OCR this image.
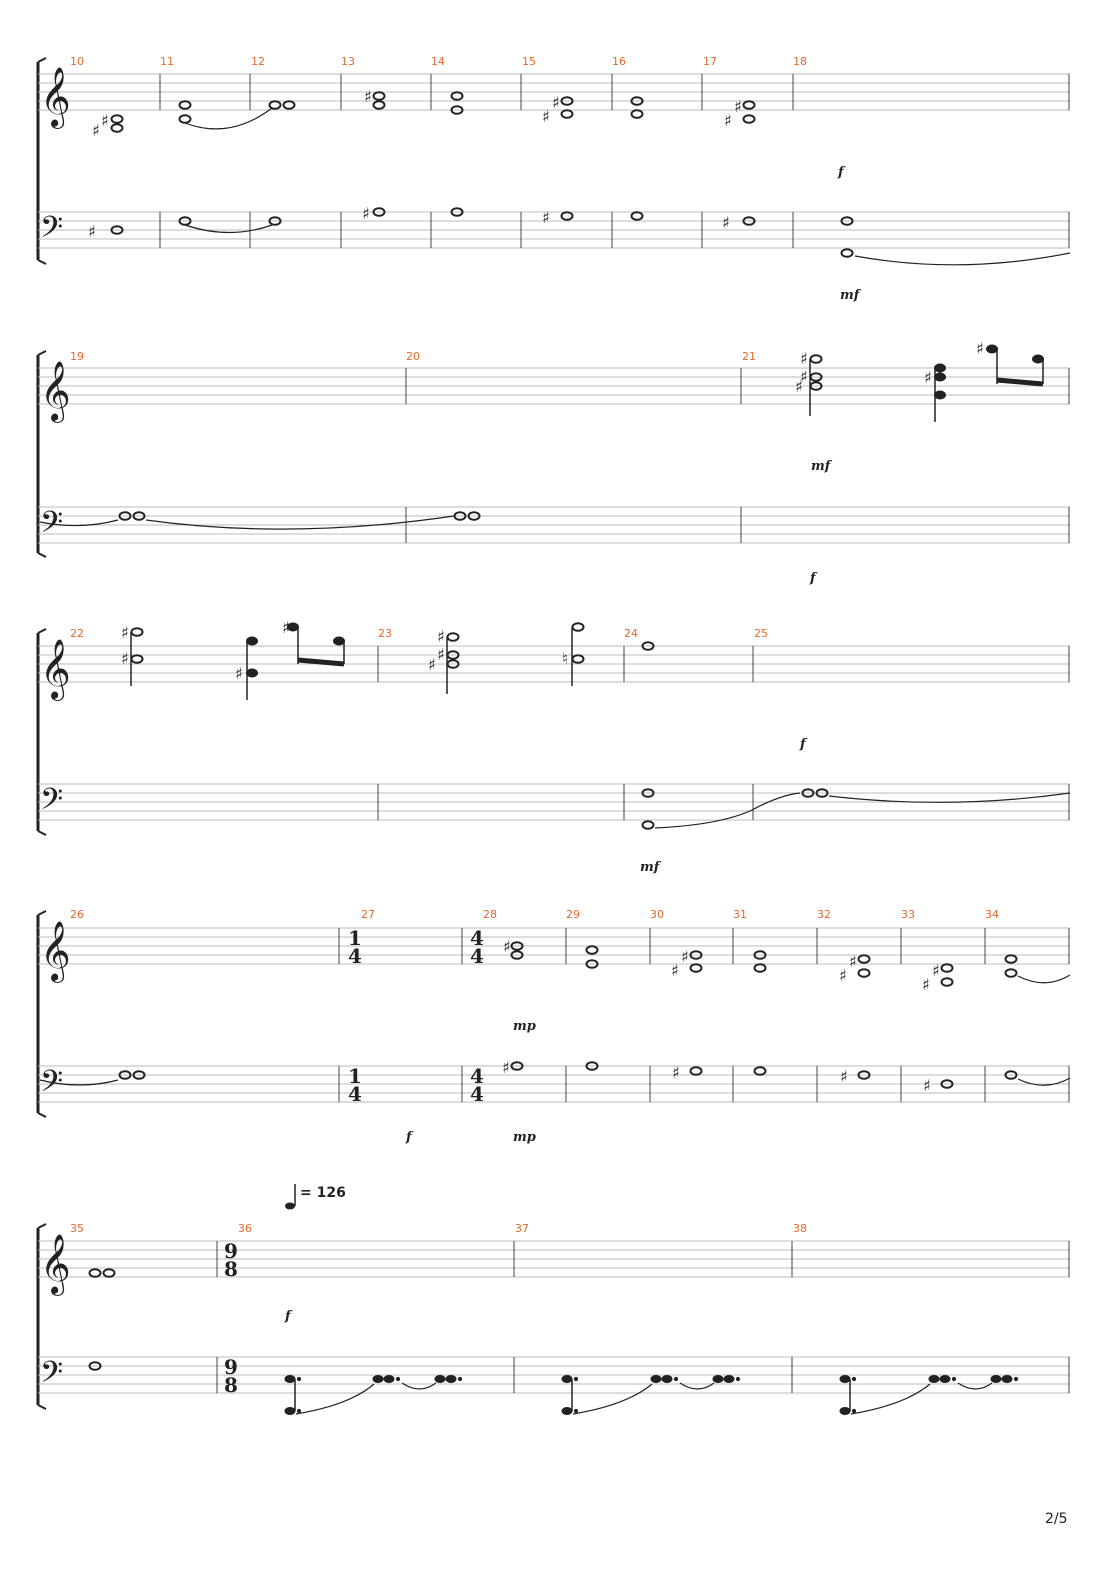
𝄞
𝄢
10	11	12	13	14	15	16	17	18
♯
♯
♯
♯
♯
♯
♯
♯
♯	♯	♯
f
mf
𝄞
𝄢
19	20	21
♯
♯
♯
♯
♯
mf
f
𝄞
𝄢
22	23	24	25
♯
♯
♯
♯
♯
♯
♯
♮
f
mf
𝄞
𝄢
26	27	28	29	30	31	32	33	34
1
4
4
4
1
4
4
4
♯
♯
♯
♯
♯
♯
♯
♯	♯	♯	♯
mp
f	mp
= 126
𝄞
𝄢
35	36	37	38
9
8
9
8
f
2/5
